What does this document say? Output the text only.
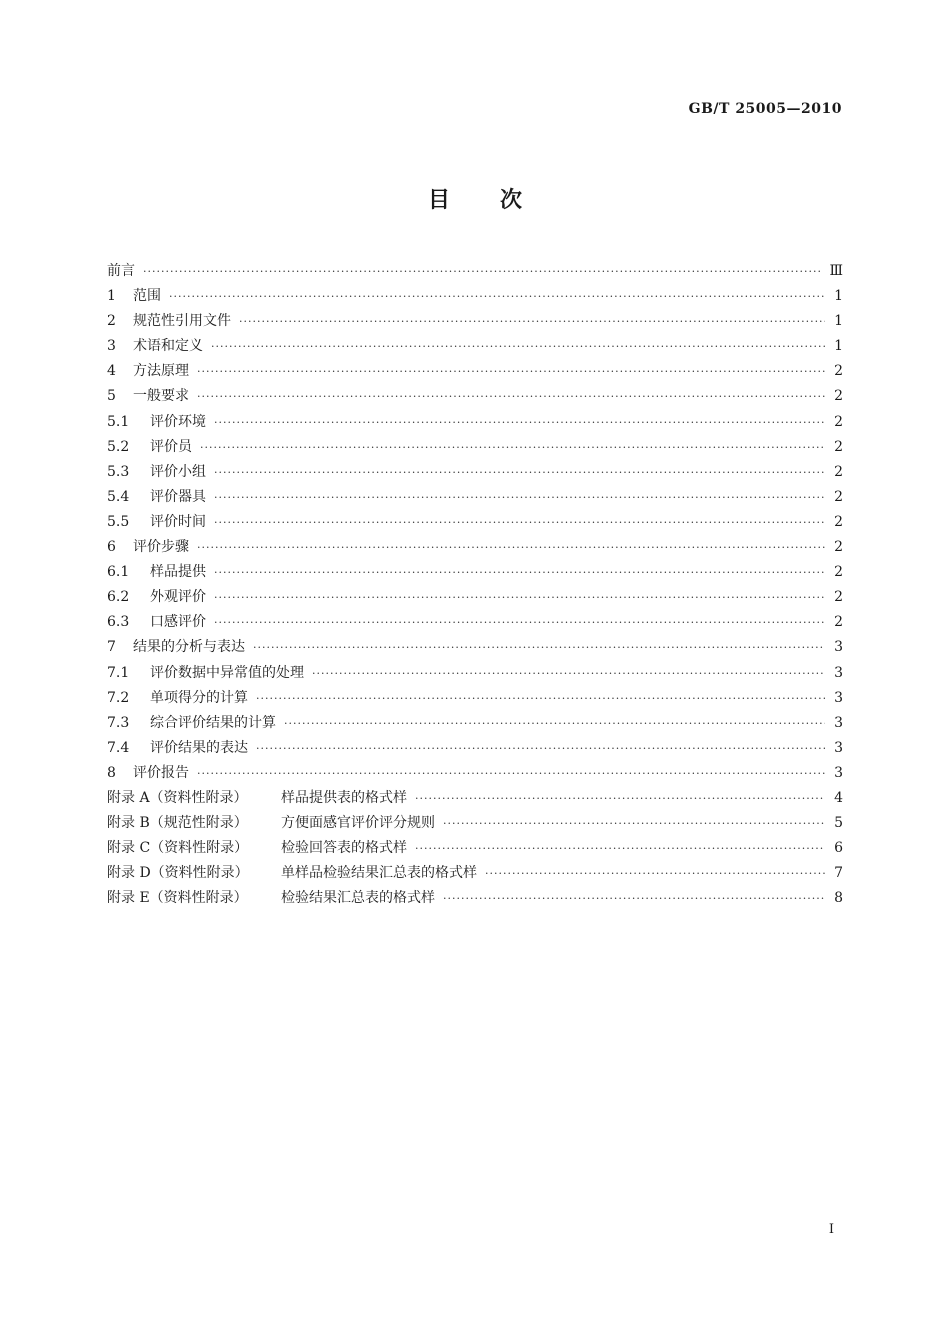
GB/T 25005—2010
目 次
前言 ·····	Ⅲ
1	范围 ·····	1
2	规范性引用文件 ·····	1
3	术语和定义 ·····	1
4	方法原理 ·····	2
5	一般要求 ·····	2
5.1	评价环境 ·····	2
5.2	评价员 ·····	2
5.3	评价小组 ·····	2
5.4	评价器具 ·····	2
5.5	评价时间 ·····	2
6	评价步骤 ·····	2
6.1	样品提供 ·····	2
6.2	外观评价 ·····	2
6.3	口感评价 ·····	2
7	结果的分析与表达 ·····	3
7.1	评价数据中异常值的处理 ·····	3
7.2	单项得分的计算 ·····	3
7.3	综合评价结果的计算 ·····	3
7.4	评价结果的表达 ·····	3
8	评价报告 ·····	3
附录 A（资料性附录）	样品提供表的格式样 ·····	4
附录 B（规范性附录）	方便面感官评价评分规则 ·····	5
附录 C（资料性附录）	检验回答表的格式样 ·····	6
附录 D（资料性附录）	单样品检验结果汇总表的格式样 ·····	7
附录 E（资料性附录）	检验结果汇总表的格式样 ·····	8
I
